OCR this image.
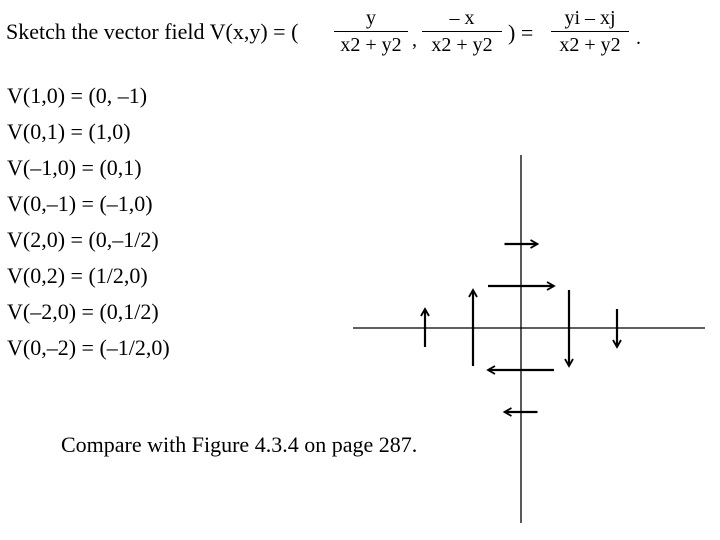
Sketch the vector field V(x,y) = ( $\frac{y}{x2 + y2}$ , $\frac{- x}{x2 + y2}$ ) = $\frac{yi - xj}{x2 + y2}$ .
V(1,0) = (0, –1)
V(0,1) = (1,0)
V(–1,0) = (0,1)
V(0,–1) = (–1,0)
V(2,0) = (0,–1/2)
V(0,2) = (1/2,0)
V(–2,0) = (0,1/2)
V(0,–2) = (–1/2,0)
Compare with Figure 4.3.4 on page 287.
